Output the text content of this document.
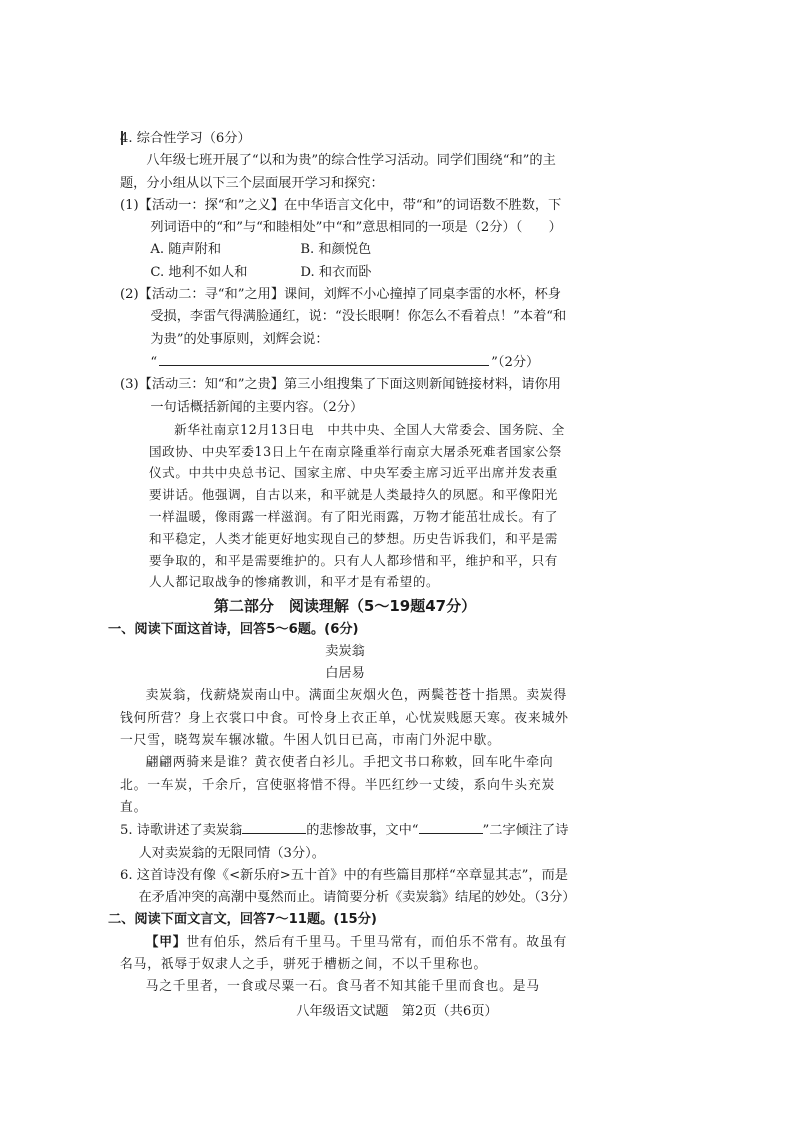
4. 综合性学习（6分）

八年级七班开展了“以和为贵”的综合性学习活动。同学们围绕“和”的主题，分小组从以下三个层面展开学习和探究：

(1)【活动一：探“和”之义】在中华语言文化中，带“和”的词语数不胜数，下列词语中的“和”与“和睦相处”中“和”意思相同的一项是（2分）（　　）

A. 随声附和	B. 和颜悦色
C. 地利不如人和	D. 和衣而卧

(2)【活动二：寻“和”之用】课间，刘辉不小心撞掉了同桌李雷的水杯，杯身受损，李雷气得满脸通红，说：“没长眼啊！你怎么不看着点！”本着“和为贵”的处事原则，刘辉会说：

“	”（2分）

(3)【活动三：知“和”之贵】第三小组搜集了下面这则新闻链接材料，请你用一句话概括新闻的主要内容。（2分）

新华社南京12月13日电　中共中央、全国人大常委会、国务院、全国政协、中央军委13日上午在南京隆重举行南京大屠杀死难者国家公祭仪式。中共中央总书记、国家主席、中央军委主席习近平出席并发表重要讲话。他强调，自古以来，和平就是人类最持久的夙愿。和平像阳光一样温暖，像雨露一样滋润。有了阳光雨露，万物才能茁壮成长。有了和平稳定，人类才能更好地实现自己的梦想。历史告诉我们，和平是需要争取的，和平是需要维护的。只有人人都珍惜和平，维护和平，只有人人都记取战争的惨痛教训，和平才是有希望的。

第二部分　阅读理解（5～19题47分）

一、阅读下面这首诗，回答5～6题。(6分)

卖炭翁

白居易

卖炭翁，伐薪烧炭南山中。满面尘灰烟火色，两鬓苍苍十指黑。卖炭得钱何所营？身上衣裳口中食。可怜身上衣正单，心忧炭贱愿天寒。夜来城外一尺雪，晓驾炭车辗冰辙。牛困人饥日已高，市南门外泥中歇。

翩翩两骑来是谁？黄衣使者白衫儿。手把文书口称敕，回车叱牛牵向北。一车炭，千余斤，宫使驱将惜不得。半匹红纱一丈绫，系向牛头充炭直。

5. 诗歌讲述了卖炭翁	的悲惨故事，文中“	”二字倾注了诗人对卖炭翁的无限同情（3分）。

6. 这首诗没有像《<新乐府>五十首》中的有些篇目那样“卒章显其志”，而是在矛盾冲突的高潮中戛然而止。请简要分析《卖炭翁》结尾的妙处。（3分）

二、阅读下面文言文，回答7～11题。(15分)

【甲】世有伯乐，然后有千里马。千里马常有，而伯乐不常有。故虽有名马，祇辱于奴隶人之手，骈死于槽枥之间，不以千里称也。

马之千里者，一食或尽粟一石。食马者不知其能千里而食也。是马

八年级语文试题　第2页（共6页）
